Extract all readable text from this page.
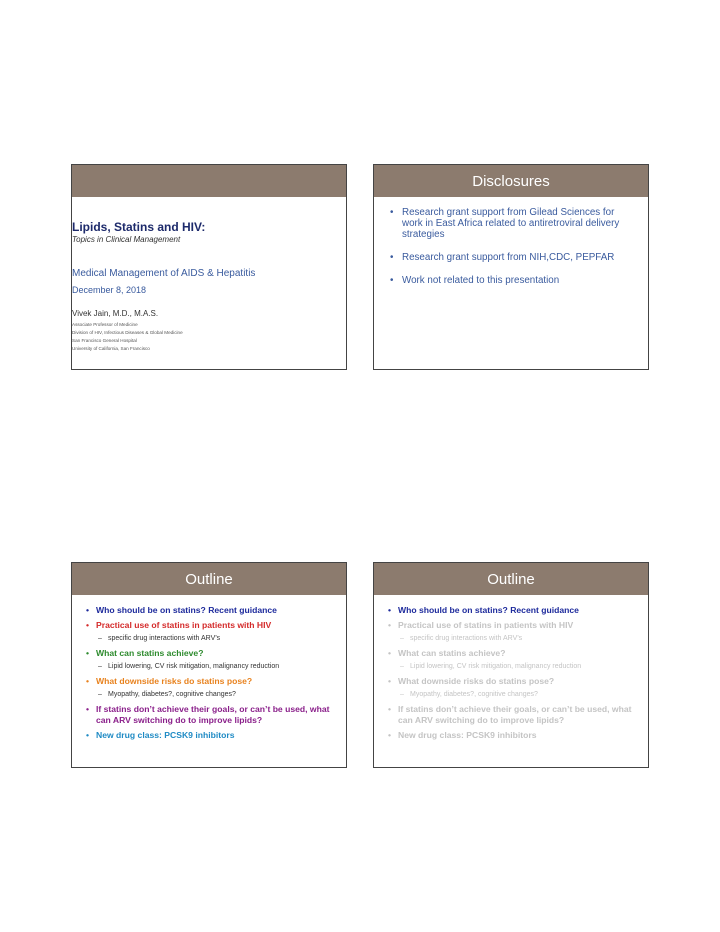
Lipids, Statins and HIV:
Topics in Clinical Management
Medical Management of AIDS & Hepatitis
December 8, 2018
Vivek Jain, M.D., M.A.S.
Associate Professor of Medicine
Division of HIV, Infectious Diseases & Global Medicine
San Francisco General Hospital
University of California, San Francisco
Disclosures
• Research grant support from Gilead Sciences for work in East Africa related to antiretroviral delivery strategies
• Research grant support from NIH,CDC, PEPFAR
• Work not related to this presentation
Outline
• Who should be on statins? Recent guidance
• Practical use of statins in patients with HIV
– specific drug interactions with ARV’s
• What can statins achieve?
– Lipid lowering, CV risk mitigation, malignancy reduction
• What downside risks do statins pose?
– Myopathy, diabetes?, cognitive changes?
• If statins don’t achieve their goals, or can’t be used, what can ARV switching do to improve lipids?
• New drug class: PCSK9 inhibitors
Outline
• Who should be on statins? Recent guidance
• Practical use of statins in patients with HIV
– specific drug interactions with ARV’s
• What can statins achieve?
– Lipid lowering, CV risk mitigation, malignancy reduction
• What downside risks do statins pose?
– Myopathy, diabetes?, cognitive changes?
• If statins don’t achieve their goals, or can’t be used, what can ARV switching do to improve lipids?
• New drug class: PCSK9 inhibitors
